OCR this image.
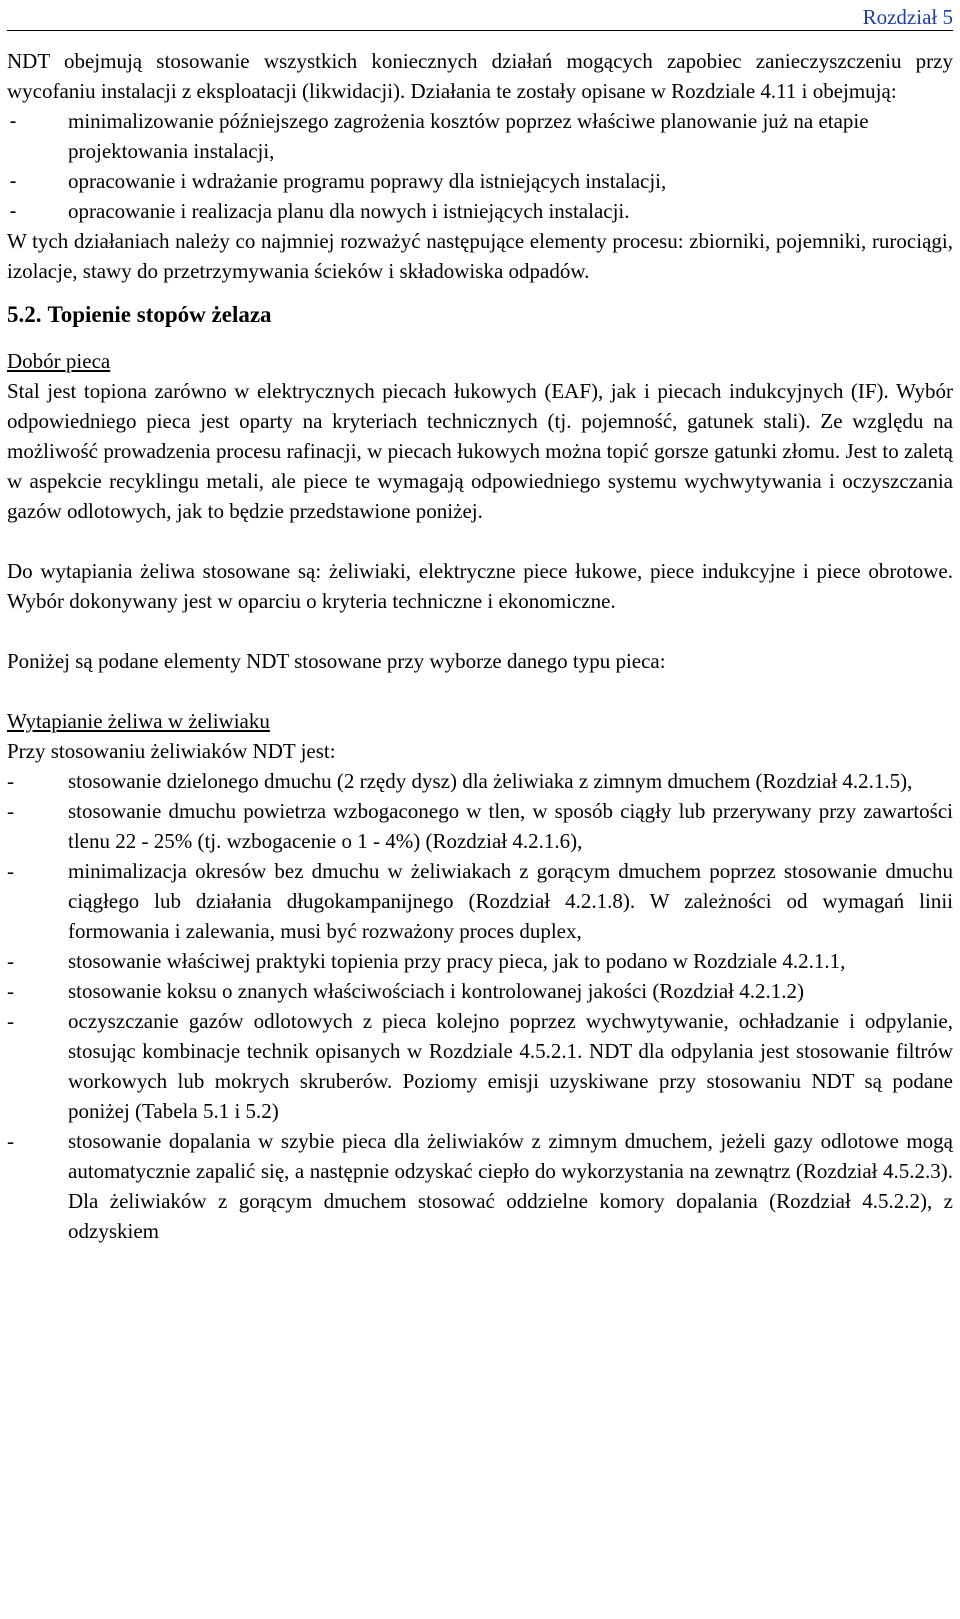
Rozdział 5

NDT obejmują stosowanie wszystkich koniecznych działań mogących zapobiec zanieczyszczeniu przy wycofaniu instalacji z eksploatacji (likwidacji). Działania te zostały opisane w Rozdziale 4.11 i obejmują:

- minimalizowanie późniejszego zagrożenia kosztów poprzez właściwe planowanie już na etapie projektowania instalacji,
- opracowanie i wdrażanie programu poprawy dla istniejących instalacji,
- opracowanie i realizacja planu dla nowych i istniejących instalacji.

W tych działaniach należy co najmniej rozważyć następujące elementy procesu: zbiorniki, pojemniki, rurociągi, izolacje, stawy do przetrzymywania ścieków i składowiska odpadów.

5.2. Topienie stopów żelaza

Dobór pieca

Stal jest topiona zarówno w elektrycznych piecach łukowych (EAF), jak i piecach indukcyjnych (IF). Wybór odpowiedniego pieca jest oparty na kryteriach technicznych (tj. pojemność, gatunek stali). Ze względu na możliwość prowadzenia procesu rafinacji, w piecach łukowych można topić gorsze gatunki złomu. Jest to zaletą w aspekcie recyklingu metali, ale piece te wymagają odpowiedniego systemu wychwytywania i oczyszczania gazów odlotowych, jak to będzie przedstawione poniżej.

Do wytapiania żeliwa stosowane są: żeliwiaki, elektryczne piece łukowe, piece indukcyjne i piece obrotowe. Wybór dokonywany jest w oparciu o kryteria techniczne i ekonomiczne.

Poniżej są podane elementy NDT stosowane przy wyborze danego typu pieca:

Wytapianie żeliwa w żeliwiaku

Przy stosowaniu żeliwiaków NDT jest:

-	stosowanie dzielonego dmuchu (2 rzędy dysz) dla żeliwiaka z zimnym dmuchem (Rozdział 4.2.1.5),
-	stosowanie dmuchu powietrza wzbogaconego w tlen, w sposób ciągły lub przerywany przy zawartości tlenu 22 - 25% (tj. wzbogacenie o 1 - 4%) (Rozdział 4.2.1.6),
-	minimalizacja okresów bez dmuchu w żeliwiakach z gorącym dmuchem poprzez stosowanie dmuchu ciągłego lub działania długokampanijnego (Rozdział 4.2.1.8). W zależności od wymagań linii formowania i zalewania, musi być rozważony proces duplex,
-	stosowanie właściwej praktyki topienia przy pracy pieca, jak to podano w Rozdziale 4.2.1.1,
-	stosowanie koksu o znanych właściwościach i kontrolowanej jakości (Rozdział 4.2.1.2)
-	oczyszczanie gazów odlotowych z pieca kolejno poprzez wychwytywanie, ochładzanie i odpylanie, stosując kombinacje technik opisanych w Rozdziale 4.5.2.1. NDT dla odpylania jest stosowanie filtrów workowych lub mokrych skruberów. Poziomy emisji uzyskiwane przy stosowaniu NDT są podane poniżej (Tabela 5.1 i 5.2)
-	stosowanie dopalania w szybie pieca dla żeliwiaków z zimnym dmuchem, jeżeli gazy odlotowe mogą automatycznie zapalić się, a następnie odzyskać ciepło do wykorzystania na zewnątrz (Rozdział 4.5.2.3). Dla żeliwiaków z gorącym dmuchem stosować oddzielne komory dopalania (Rozdział 4.5.2.2), z odzyskiem
